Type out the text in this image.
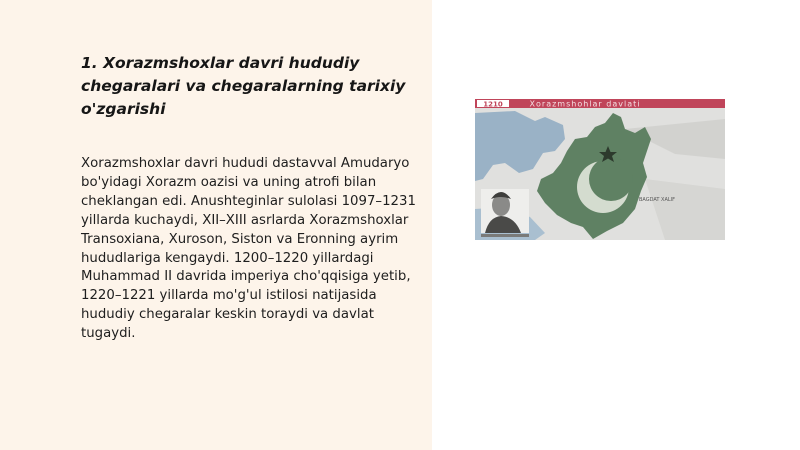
1. Xorazmshoxlar davri hududiy chegaralari va chegaralarning tarixiy o'zgarishi

Xorazmshoxlar davri hududi dastavval Amudaryo bo'yidagi Xorazm oazisi va uning atrofi bilan cheklangan edi. Anushteginlar sulolasi 1097–1231 yillarda kuchaydi, XII–XIII asrlarda Xorazmshoxlar Transoxiana, Xuroson, Siston va Eronning ayrim hududlariga kengaydi. 1200–1220 yillardagi Muhammad II davrida imperiya cho'qqisiga yetib, 1220–1221 yillarda mo'g'ul istilosi natijasida hududiy chegaralar keskin toraydi va davlat tugaydi.

1210	Xorazmshohlar davlati
BAGDAT XALIF
